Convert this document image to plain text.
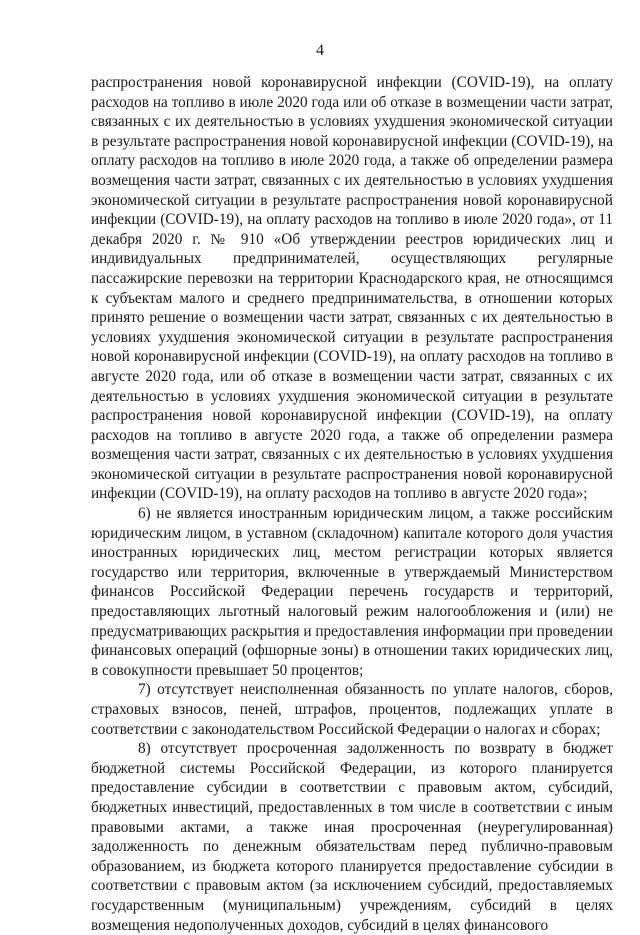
4

распространения новой коронавирусной инфекции (COVID-19), на оплату расходов на топливо в июле 2020 года или об отказе в возмещении части затрат, связанных с их деятельностью в условиях ухудшения экономической ситуации в результате распространения новой коронавирусной инфекции (COVID-19), на оплату расходов на топливо в июле 2020 года, а также об определении размера возмещения части затрат, связанных с их деятельностью в условиях ухудшения экономической ситуации в результате распространения новой коронавирусной инфекции (COVID-19), на оплату расходов на топливо в июле 2020 года», от 11 декабря 2020 г. № 910 «Об утверждении реестров юридических лиц и индивидуальных предпринимателей, осуществляющих регулярные пассажирские перевозки на территории Краснодарского края, не относящимся к субъектам малого и среднего предпринимательства, в отношении которых принято решение о возмещении части затрат, связанных с их деятельностью в условиях ухудшения экономической ситуации в результате распространения новой коронавирусной инфекции (COVID-19), на оплату расходов на топливо в августе 2020 года, или об отказе в возмещении части затрат, связанных с их деятельностью в условиях ухудшения экономической ситуации в результате распространения новой коронавирусной инфекции (COVID-19), на оплату расходов на топливо в августе 2020 года, а также об определении размера возмещения части затрат, связанных с их деятельностью в условиях ухудшения экономической ситуации в результате распространения новой коронавирусной инфекции (COVID-19), на оплату расходов на топливо в августе 2020 года»;

6) не является иностранным юридическим лицом, а также российским юридическим лицом, в уставном (складочном) капитале которого доля участия иностранных юридических лиц, местом регистрации которых является государство или территория, включенные в утверждаемый Министерством финансов Российской Федерации перечень государств и территорий, предоставляющих льготный налоговый режим налогообложения и (или) не предусматривающих раскрытия и предоставления информации при проведении финансовых операций (офшорные зоны) в отношении таких юридических лиц, в совокупности превышает 50 процентов;

7) отсутствует неисполненная обязанность по уплате налогов, сборов, страховых взносов, пеней, штрафов, процентов, подлежащих уплате в соответствии с законодательством Российской Федерации о налогах и сборах;

8) отсутствует просроченная задолженность по возврату в бюджет бюджетной системы Российской Федерации, из которого планируется предоставление субсидии в соответствии с правовым актом, субсидий, бюджетных инвестиций, предоставленных в том числе в соответствии с иным правовыми актами, а также иная просроченная (неурегулированная) задолженность по денежным обязательствам перед публично-правовым образованием, из бюджета которого планируется предоставление субсидии в соответствии с правовым актом (за исключением субсидий, предоставляемых государственным (муниципальным) учреждениям, субсидий в целях возмещения недополученных доходов, субсидий в целях финансового
